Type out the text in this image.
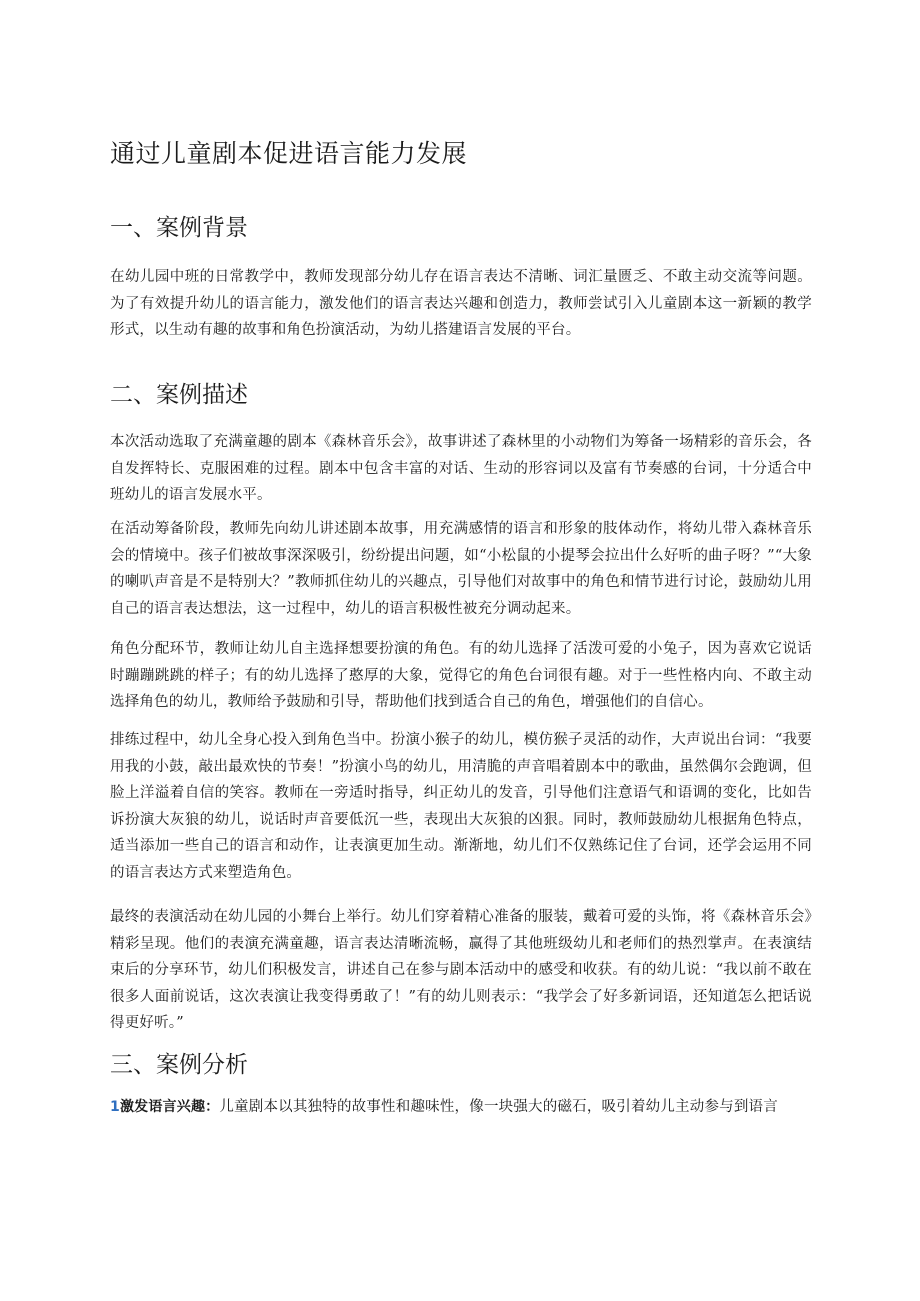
通过儿童剧本促进语言能力发展
一、案例背景

在幼儿园中班的日常教学中，教师发现部分幼儿存在语言表达不清晰、词汇量匮乏、不敢主动交流等问题。为了有效提升幼儿的语言能力，激发他们的语言表达兴趣和创造力，教师尝试引入儿童剧本这一新颖的教学形式，以生动有趣的故事和角色扮演活动，为幼儿搭建语言发展的平台。

二、案例描述

本次活动选取了充满童趣的剧本《森林音乐会》，故事讲述了森林里的小动物们为筹备一场精彩的音乐会，各自发挥特长、克服困难的过程。剧本中包含丰富的对话、生动的形容词以及富有节奏感的台词，十分适合中班幼儿的语言发展水平。

在活动筹备阶段，教师先向幼儿讲述剧本故事，用充满感情的语言和形象的肢体动作，将幼儿带入森林音乐会的情境中。孩子们被故事深深吸引，纷纷提出问题，如“小松鼠的小提琴会拉出什么好听的曲子呀？”“大象的喇叭声音是不是特别大？”教师抓住幼儿的兴趣点，引导他们对故事中的角色和情节进行讨论，鼓励幼儿用自己的语言表达想法，这一过程中，幼儿的语言积极性被充分调动起来。

角色分配环节，教师让幼儿自主选择想要扮演的角色。有的幼儿选择了活泼可爱的小兔子，因为喜欢它说话时蹦蹦跳跳的样子；有的幼儿选择了憨厚的大象，觉得它的角色台词很有趣。对于一些性格内向、不敢主动选择角色的幼儿，教师给予鼓励和引导，帮助他们找到适合自己的角色，增强他们的自信心。

排练过程中，幼儿全身心投入到角色当中。扮演小猴子的幼儿，模仿猴子灵活的动作，大声说出台词：“我要用我的小鼓，敲出最欢快的节奏！”扮演小鸟的幼儿，用清脆的声音唱着剧本中的歌曲，虽然偶尔会跑调，但脸上洋溢着自信的笑容。教师在一旁适时指导，纠正幼儿的发音，引导他们注意语气和语调的变化，比如告诉扮演大灰狼的幼儿，说话时声音要低沉一些，表现出大灰狼的凶狠。同时，教师鼓励幼儿根据角色特点，适当添加一些自己的语言和动作，让表演更加生动。渐渐地，幼儿们不仅熟练记住了台词，还学会运用不同的语言表达方式来塑造角色。

最终的表演活动在幼儿园的小舞台上举行。幼儿们穿着精心准备的服装，戴着可爱的头饰，将《森林音乐会》精彩呈现。他们的表演充满童趣，语言表达清晰流畅，赢得了其他班级幼儿和老师们的热烈掌声。在表演结束后的分享环节，幼儿们积极发言，讲述自己在参与剧本活动中的感受和收获。有的幼儿说：“我以前不敢在很多人面前说话，这次表演让我变得勇敢了！”有的幼儿则表示：“我学会了好多新词语，还知道怎么把话说得更好听。”

三、案例分析

1激发语言兴趣：儿童剧本以其独特的故事性和趣味性，像一块强大的磁石，吸引着幼儿主动参与到语言
